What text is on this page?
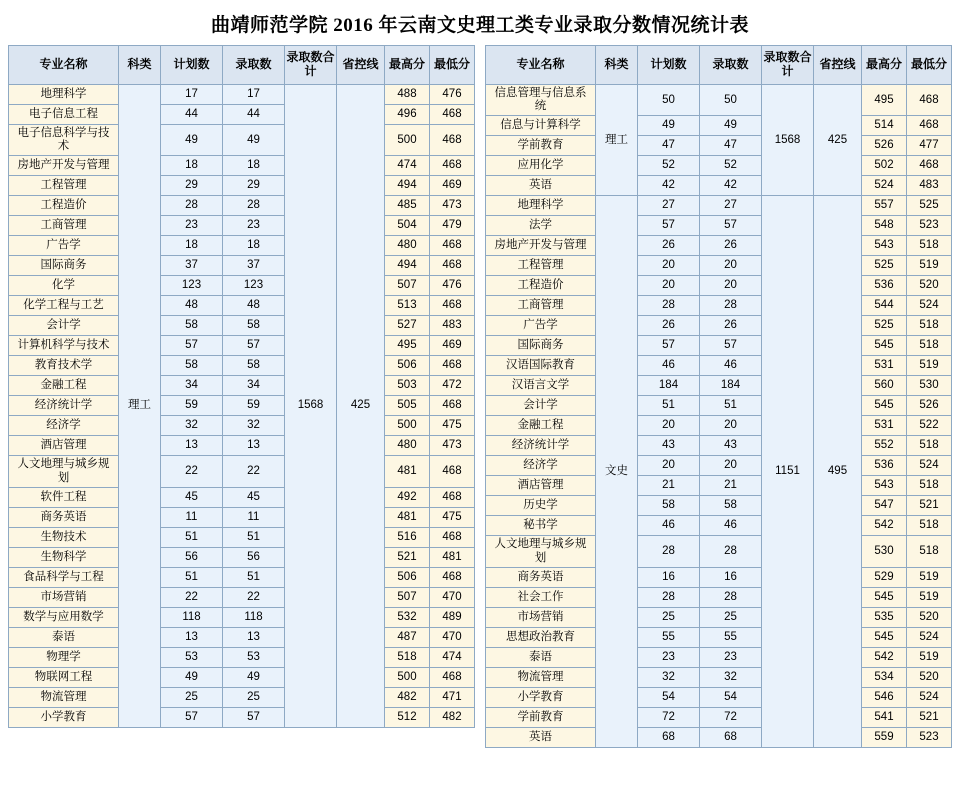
曲靖师范学院 2016 年云南文史理工类专业录取分数情况统计表
专业名称	科类	计划数	录取数	录取数合计	省控线	最高分	最低分
地理科学	理工	17	17	1568	425	488	476
电子信息工程		44	44			496	468
电子信息科学与技术		49	49			500	468
房地产开发与管理		18	18			474	468
工程管理		29	29			494	469
工程造价		28	28			485	473
工商管理		23	23			504	479
广告学		18	18			480	468
国际商务		37	37			494	468
化学		123	123			507	476
化学工程与工艺		48	48			513	468
会计学		58	58			527	483
计算机科学与技术		57	57			495	469
教育技术学		58	58			506	468
金融工程		34	34			503	472
经济统计学		59	59			505	468
经济学		32	32			500	475
酒店管理		13	13			480	473
人文地理与城乡规划		22	22			481	468
软件工程		45	45			492	468
商务英语		11	11			481	475
生物技术		51	51			516	468
生物科学		56	56			521	481
食品科学与工程		51	51			506	468
市场营销		22	22			507	470
数学与应用数学		118	118			532	489
泰语		13	13			487	470
物理学		53	53			518	474
物联网工程		49	49			500	468
物流管理		25	25			482	471
小学教育		57	57			512	482
专业名称	科类	计划数	录取数	录取数合计	省控线	最高分	最低分
信息管理与信息系统	理工	50	50	1568	425	495	468
信息与计算科学		49	49			514	468
学前教育		47	47			526	477
应用化学		52	52			502	468
英语		42	42			524	483
地理科学	文史	27	27	1151	495	557	525
法学		57	57			548	523
房地产开发与管理		26	26			543	518
工程管理		20	20			525	519
工程造价		20	20			536	520
工商管理		28	28			544	524
广告学		26	26			525	518
国际商务		57	57			545	518
汉语国际教育		46	46			531	519
汉语言文学		184	184			560	530
会计学		51	51			545	526
金融工程		20	20			531	522
经济统计学		43	43			552	518
经济学		20	20			536	524
酒店管理		21	21			543	518
历史学		58	58			547	521
秘书学		46	46			542	518
人文地理与城乡规划		28	28			530	518
商务英语		16	16			529	519
社会工作		28	28			545	519
市场营销		25	25			535	520
思想政治教育		55	55			545	524
泰语		23	23			542	519
物流管理		32	32			534	520
小学教育		54	54			546	524
学前教育		72	72			541	521
英语		68	68			559	523
